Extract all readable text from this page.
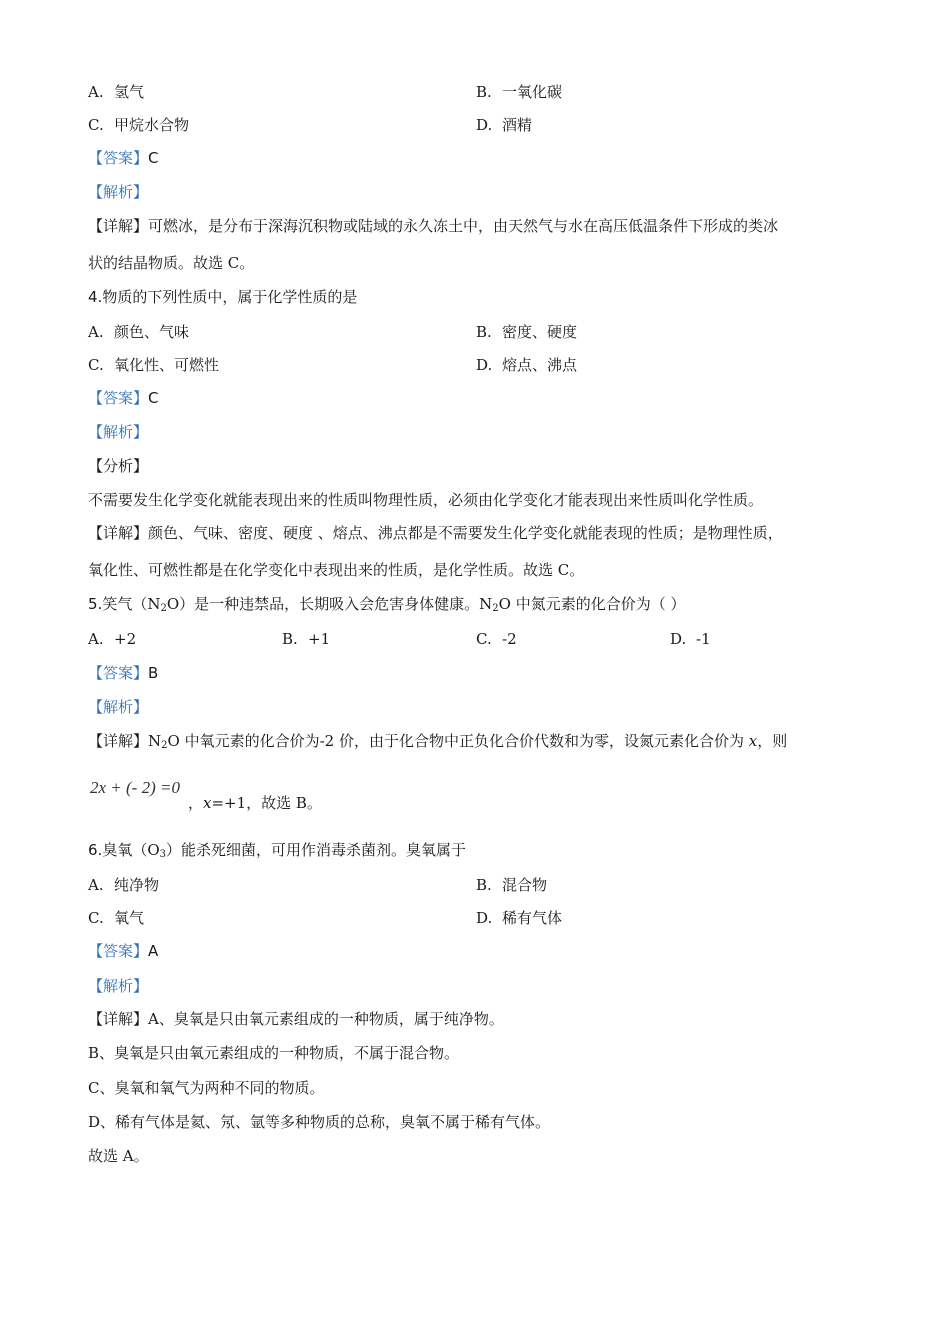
A. 氢气	B. 一氧化碳
C. 甲烷水合物	D. 酒精
【答案】C
【解析】
【详解】可燃冰，是分布于深海沉积物或陆域的永久冻土中，由天然气与水在高压低温条件下形成的类冰
状的结晶物质。故选 C。
4.物质的下列性质中，属于化学性质的是
A. 颜色、气味	B. 密度、硬度
C. 氧化性、可燃性	D. 熔点、沸点
【答案】C
【解析】
【分析】
不需要发生化学变化就能表现出来的性质叫物理性质，必须由化学变化才能表现出来性质叫化学性质。
【详解】颜色、气味、密度、硬度 、熔点、沸点都是不需要发生化学变化就能表现的性质；是物理性质，
氧化性、可燃性都是在化学变化中表现出来的性质，是化学性质。故选 C。
5.笑气$(N_2O)$是一种违禁品，长期吸入会危害身体健康。$N_2O$ 中氮元素的化合价为（ ）
A. +2	B. +1	C. -2	D. -1
【答案】B
【解析】
【详解】$N_2O$ 中氧元素的化合价为-2 价，由于化合物中正负化合价代数和为零，设氮元素化合价为 x，则
2x + (- 2) =0
，x=+1，故选 B。
6.臭氧$(O_3)$能杀死细菌，可用作消毒杀菌剂。臭氧属于
A. 纯净物	B. 混合物
C. 氧气	D. 稀有气体
【答案】A
【解析】
【详解】A、臭氧是只由氧元素组成的一种物质，属于纯净物。
B、臭氧是只由氧元素组成的一种物质，不属于混合物。
C、臭氧和氧气为两种不同的物质。
D、稀有气体是氦、氖、氩等多种物质的总称，臭氧不属于稀有气体。
故选 A。
